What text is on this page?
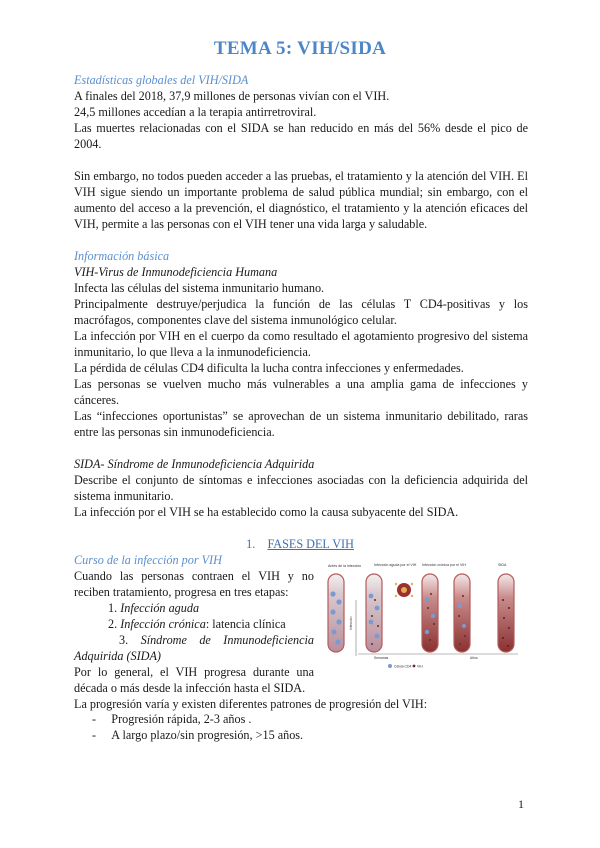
TEMA 5: VIH/SIDA
Estadísticas globales del VIH/SIDA
A finales del 2018, 37,9 millones de personas vivían con el VIH.
24,5 millones accedían a la terapia antirretroviral.
Las muertes relacionadas con el SIDA se han reducido en más del 56% desde el pico de 2004.
Sin embargo, no todos pueden acceder a las pruebas, el tratamiento y la atención del VIH. El VIH sigue siendo un importante problema de salud pública mundial; sin embargo, con el aumento del acceso a la prevención, el diagnóstico, el tratamiento y la atención eficaces del VIH, permite a las personas con el VIH tener una vida larga y saludable.
Información básica
VIH-Virus de Inmunodeficiencia Humana
Infecta las células del sistema inmunitario humano.
Principalmente destruye/perjudica la función de las células T CD4-positivas y los macrófagos, componentes clave del sistema inmunológico celular.
La infección por VIH en el cuerpo da como resultado el agotamiento progresivo del sistema inmunitario, lo que lleva a la inmunodeficiencia.
La pérdida de células CD4 dificulta la lucha contra infecciones y enfermedades.
Las personas se vuelven mucho más vulnerables a una amplia gama de infecciones y cánceres.
Las “infecciones oportunistas” se aprovechan de un sistema inmunitario debilitado, raras entre las personas sin inmunodeficiencia.
SIDA- Síndrome de Inmunodeficiencia Adquirida
Describe el conjunto de síntomas e infecciones asociadas con la deficiencia adquirida del sistema inmunitario.
La infección por el VIH se ha establecido como la causa subyacente del SIDA.
1. FASES DEL VIH
Curso de la infección por VIH
Cuando las personas contraen el VIH y no reciben tratamiento, progresa en tres etapas:
1. Infección aguda
2. Infección crónica: latencia clínica
3. Síndrome de Inmunodeficiencia Adquirida (SIDA)
Por lo general, el VIH progresa durante una década o más desde la infección hasta el SIDA.
La progresión varía y existen diferentes patrones de progresión del VIH:
-     Progresión rápida, 2-3 años .
-     A largo plazo/sin progresión, >15 años.
Antes de la infección	Infección aguda por el VIH Infección crónica por el VIH	SIDA
Infección
Semanas	Años
Célula CD4 VIH
1
